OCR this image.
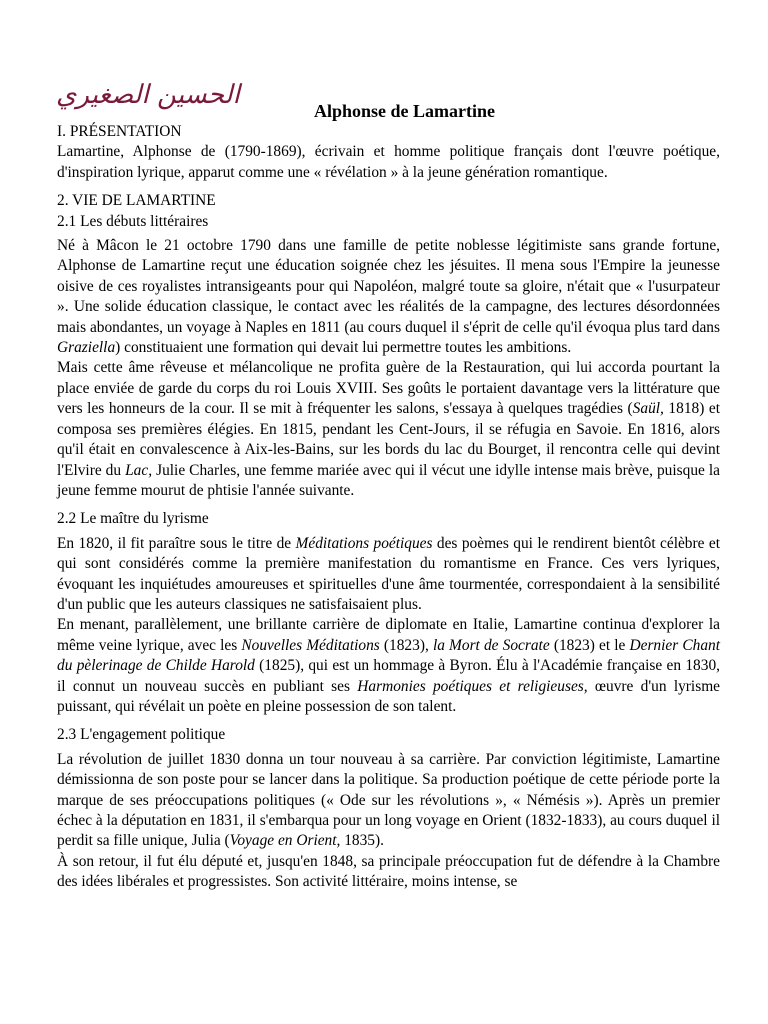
الحسين الصغيري
Alphonse de Lamartine
I. PRÉSENTATION

Lamartine, Alphonse de (1790-1869), écrivain et homme politique français dont l'œuvre poétique, d'inspiration lyrique, apparut comme une « révélation » à la jeune génération romantique.

2. VIE DE LAMARTINE
2.1 Les débuts littéraires

Né à Mâcon le 21 octobre 1790 dans une famille de petite noblesse légitimiste sans grande fortune, Alphonse de Lamartine reçut une éducation soignée chez les jésuites. Il mena sous l'Empire la jeunesse oisive de ces royalistes intransigeants pour qui Napoléon, malgré toute sa gloire, n'était que « l'usurpateur ». Une solide éducation classique, le contact avec les réalités de la campagne, des lectures désordonnées mais abondantes, un voyage à Naples en 1811 (au cours duquel il s'éprit de celle qu'il évoqua plus tard dans Graziella) constituaient une formation qui devait lui permettre toutes les ambitions.

Mais cette âme rêveuse et mélancolique ne profita guère de la Restauration, qui lui accorda pourtant la place enviée de garde du corps du roi Louis XVIII. Ses goûts le portaient davantage vers la littérature que vers les honneurs de la cour. Il se mit à fréquenter les salons, s'essaya à quelques tragédies (Saül, 1818) et composa ses premières élégies. En 1815, pendant les Cent-Jours, il se réfugia en Savoie. En 1816, alors qu'il était en convalescence à Aix-les-Bains, sur les bords du lac du Bourget, il rencontra celle qui devint l'Elvire du Lac, Julie Charles, une femme mariée avec qui il vécut une idylle intense mais brève, puisque la jeune femme mourut de phtisie l'année suivante.

2.2 Le maître du lyrisme

En 1820, il fit paraître sous le titre de Méditations poétiques des poèmes qui le rendirent bientôt célèbre et qui sont considérés comme la première manifestation du romantisme en France. Ces vers lyriques, évoquant les inquiétudes amoureuses et spirituelles d'une âme tourmentée, correspondaient à la sensibilité d'un public que les auteurs classiques ne satisfaisaient plus.

En menant, parallèlement, une brillante carrière de diplomate en Italie, Lamartine continua d'explorer la même veine lyrique, avec les Nouvelles Méditations (1823), la Mort de Socrate (1823) et le Dernier Chant du pèlerinage de Childe Harold (1825), qui est un hommage à Byron. Élu à l'Académie française en 1830, il connut un nouveau succès en publiant ses Harmonies poétiques et religieuses, œuvre d'un lyrisme puissant, qui révélait un poète en pleine possession de son talent.

2.3 L'engagement politique

La révolution de juillet 1830 donna un tour nouveau à sa carrière. Par conviction légitimiste, Lamartine démissionna de son poste pour se lancer dans la politique. Sa production poétique de cette période porte la marque de ses préoccupations politiques (« Ode sur les révolutions », « Némésis »). Après un premier échec à la députation en 1831, il s'embarqua pour un long voyage en Orient (1832-1833), au cours duquel il perdit sa fille unique, Julia (Voyage en Orient, 1835).

À son retour, il fut élu député et, jusqu'en 1848, sa principale préoccupation fut de défendre à la Chambre des idées libérales et progressistes. Son activité littéraire, moins intense, se
